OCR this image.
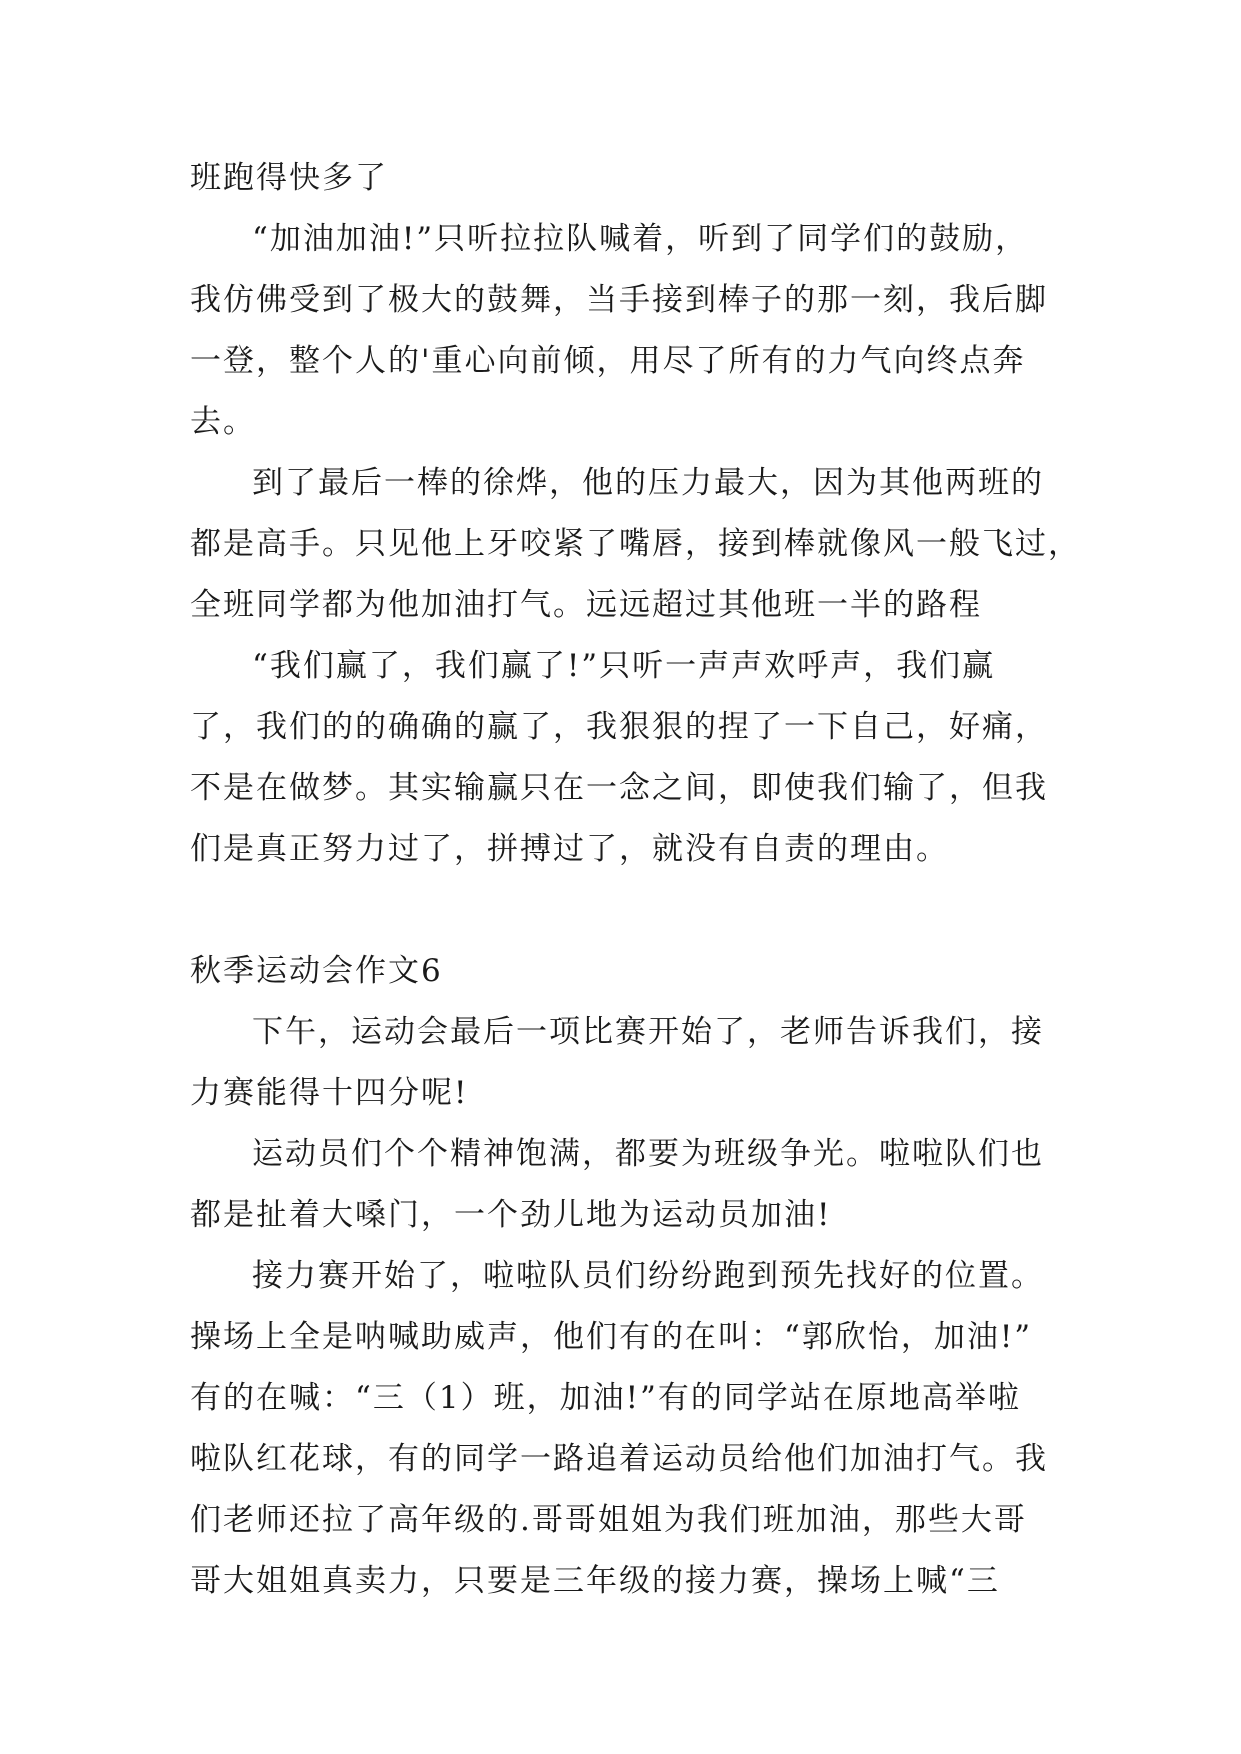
班跑得快多了

“加油加油!”只听拉拉队喊着，听到了同学们的鼓励，

我仿佛受到了极大的鼓舞，当手接到棒子的那一刻，我后脚

一登，整个人的'重心向前倾，用尽了所有的力气向终点奔

去。

到了最后一棒的徐烨，他的压力最大，因为其他两班的

都是高手。只见他上牙咬紧了嘴唇，接到棒就像风一般飞过，

全班同学都为他加油打气。远远超过其他班一半的路程

“我们赢了，我们赢了!”只听一声声欢呼声，我们赢

了，我们的的确确的赢了，我狠狠的捏了一下自己，好痛，

不是在做梦。其实输赢只在一念之间，即使我们输了，但我

们是真正努力过了，拼搏过了，就没有自责的理由。

秋季运动会作文6

下午，运动会最后一项比赛开始了，老师告诉我们，接

力赛能得十四分呢!

运动员们个个精神饱满，都要为班级争光。啦啦队们也

都是扯着大嗓门，一个劲儿地为运动员加油!

接力赛开始了，啦啦队员们纷纷跑到预先找好的位置。

操场上全是呐喊助威声，他们有的在叫：“郭欣怡，加油!”

有的在喊：“三（1）班，加油!”有的同学站在原地高举啦

啦队红花球，有的同学一路追着运动员给他们加油打气。我

们老师还拉了高年级的.哥哥姐姐为我们班加油，那些大哥

哥大姐姐真卖力，只要是三年级的接力赛，操场上喊“三
